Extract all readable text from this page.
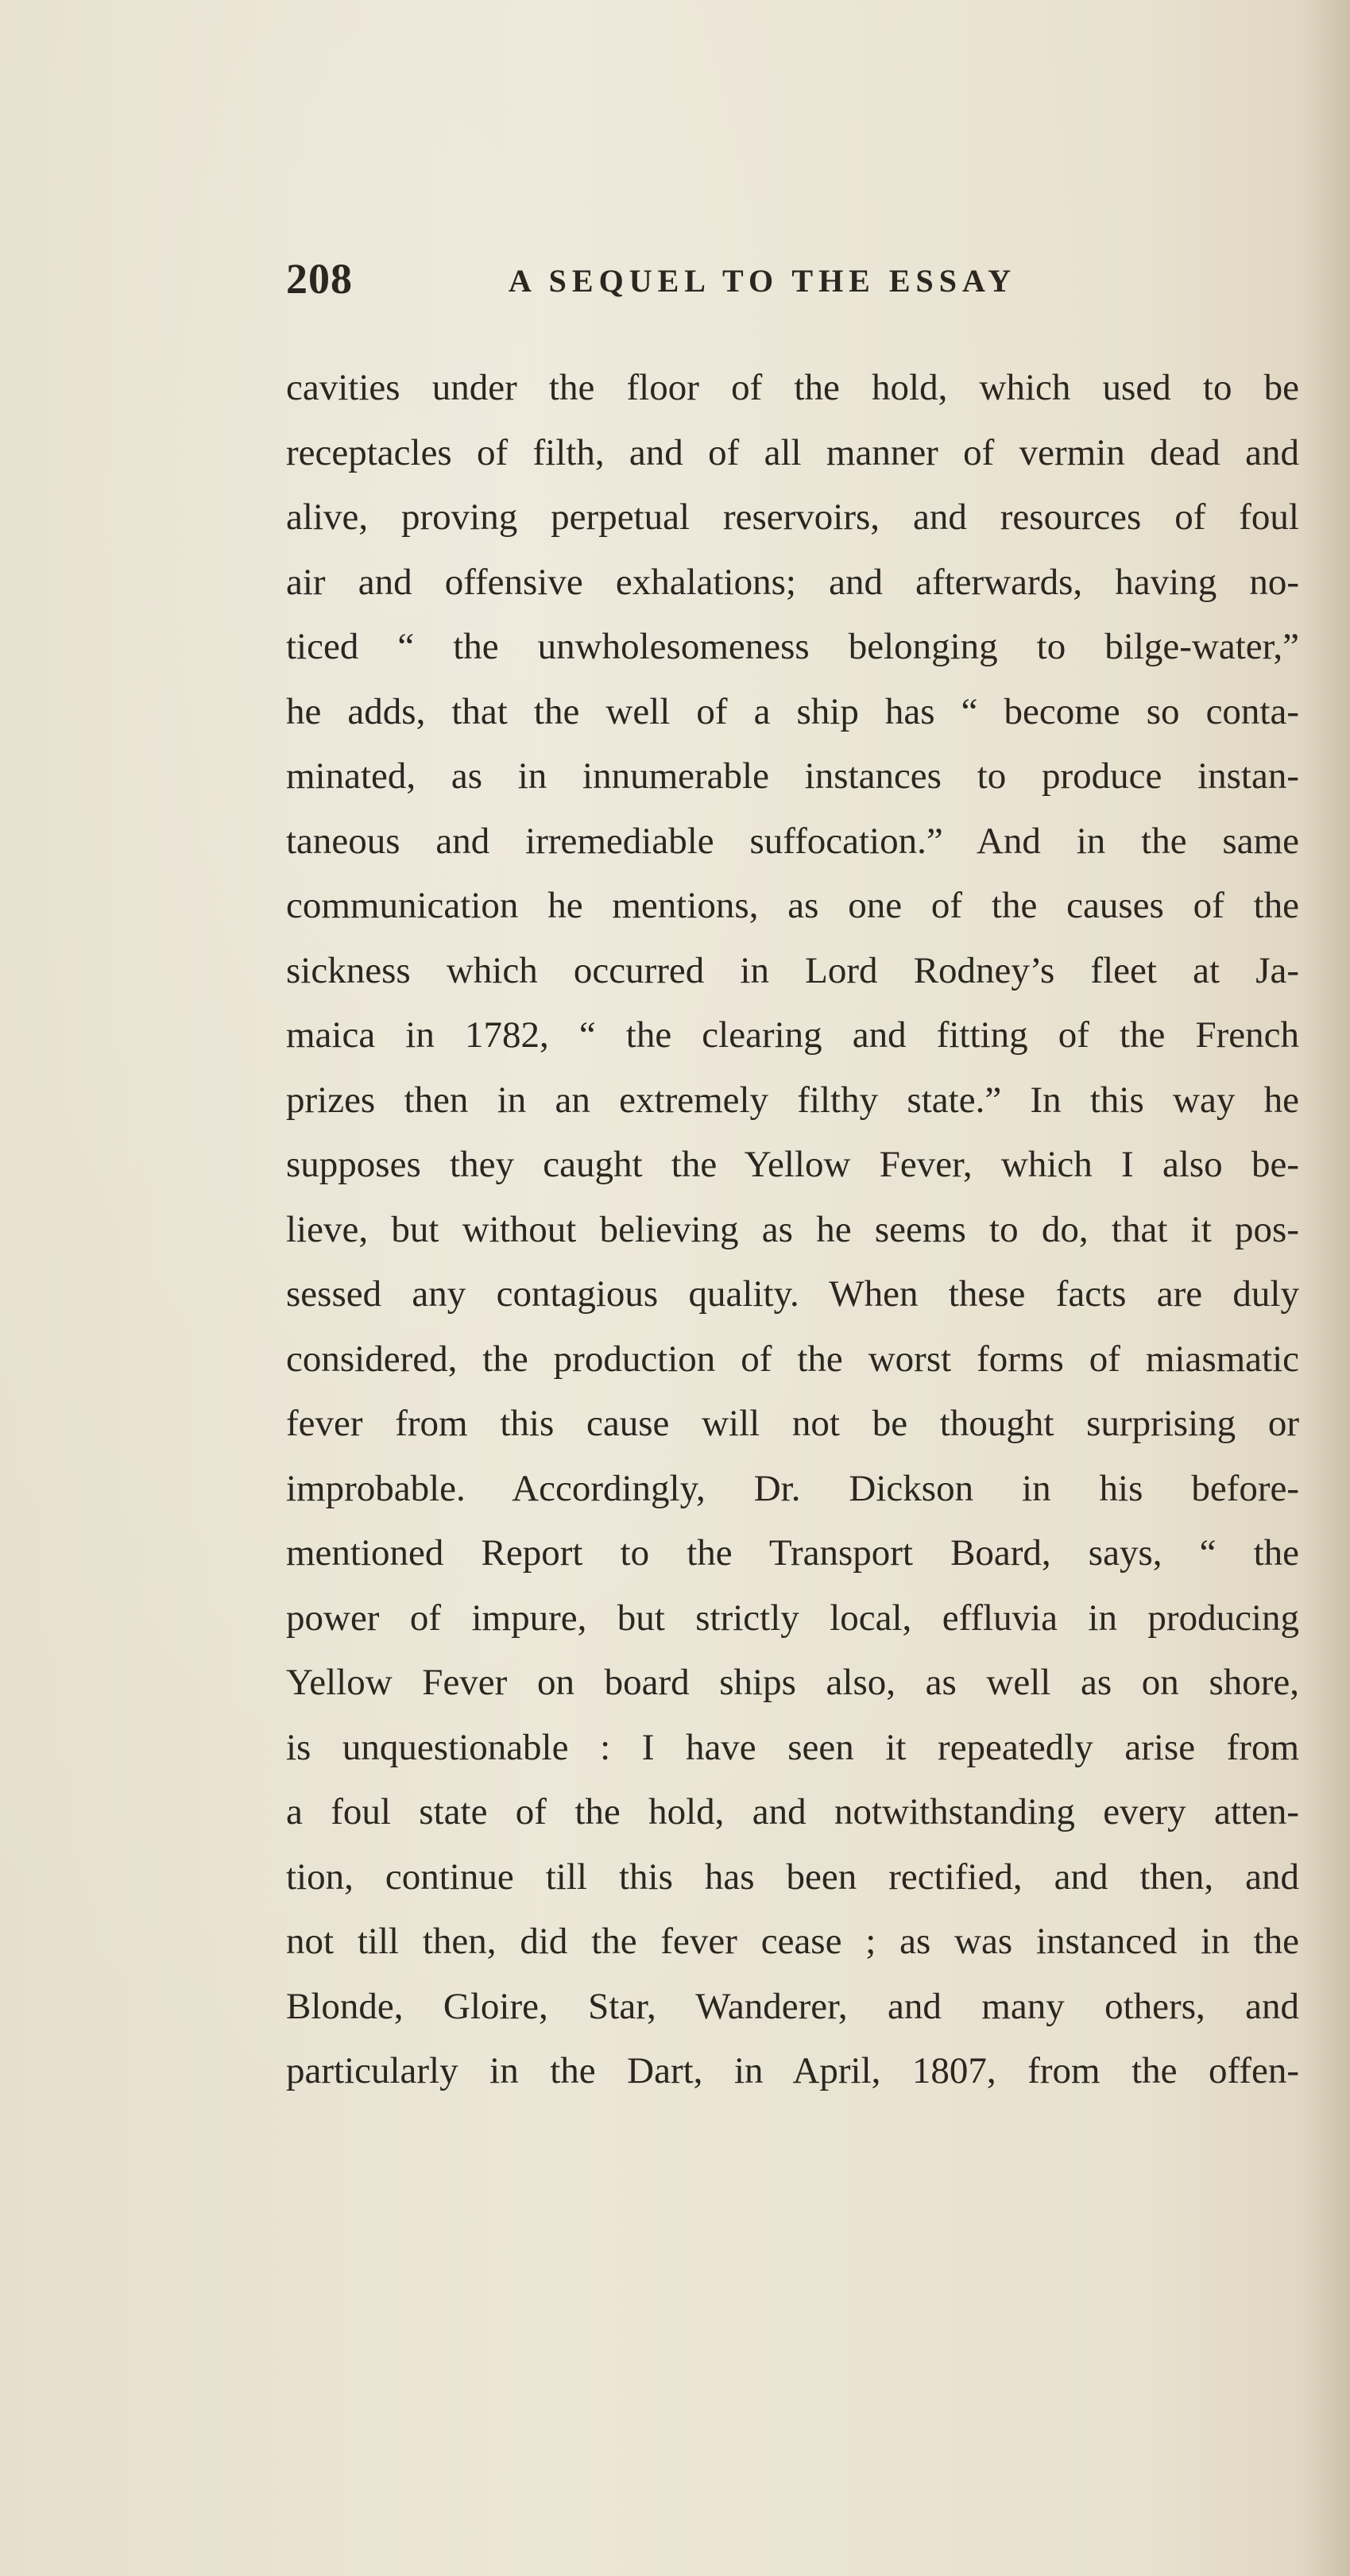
208	A SEQUEL TO THE ESSAY
cavities under the floor of the hold, which used to be
receptacles of filth, and of all manner of vermin dead and
alive, proving perpetual reservoirs, and resources of foul
air and offensive exhalations; and afterwards, having no-
ticed “ the unwholesomeness belonging to bilge-water,”
he adds, that the well of a ship has “ become so conta-
minated, as in innumerable instances to produce instan-
taneous and irremediable suffocation.” And in the same
communication he mentions, as one of the causes of the
sickness which occurred in Lord Rodney’s fleet at Ja-
maica in 1782, “ the clearing and fitting of the French
prizes then in an extremely filthy state.” In this way he
supposes they caught the Yellow Fever, which I also be-
lieve, but without believing as he seems to do, that it pos-
sessed any contagious quality. When these facts are duly
considered, the production of the worst forms of miasmatic
fever from this cause will not be thought surprising or
improbable. Accordingly, Dr. Dickson in his before-
mentioned Report to the Transport Board, says, “ the
power of impure, but strictly local, effluvia in producing
Yellow Fever on board ships also, as well as on shore,
is unquestionable : I have seen it repeatedly arise from
a foul state of the hold, and notwithstanding every atten-
tion, continue till this has been rectified, and then, and
not till then, did the fever cease ; as was instanced in the
Blonde, Gloire, Star, Wanderer, and many others, and
particularly in the Dart, in April, 1807, from the offen-
